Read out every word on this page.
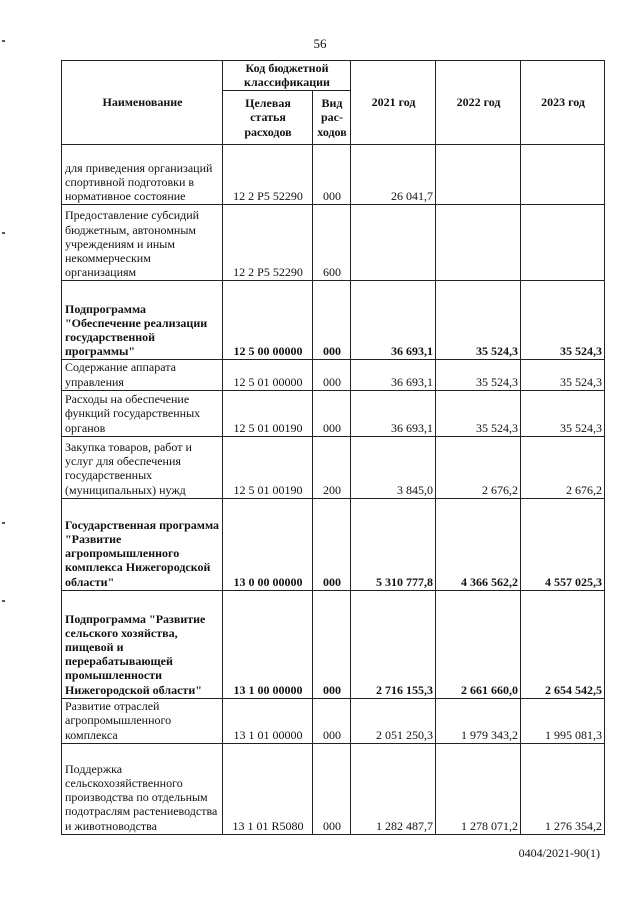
56
Наименование	Код бюджетной классификации		2021 год	2022 год	2023 год
	Целевая статья расходов	Вид рас- ходов			
для приведения организаций спортивной подготовки в нормативное состояние	12 2 P5 52290	000	26 041,7		
Предоставление субсидий бюджетным, автономным учреждениям и иным некоммерческим организациям	12 2 P5 52290	600			
Подпрограмма "Обеспечение реализации государственной программы"	12 5 00 00000	000	36 693,1	35 524,3	35 524,3
Содержание аппарата управления	12 5 01 00000	000	36 693,1	35 524,3	35 524,3
Расходы на обеспечение функций государственных органов	12 5 01 00190	000	36 693,1	35 524,3	35 524,3
Закупка товаров, работ и услуг для обеспечения государственных (муниципальных) нужд	12 5 01 00190	200	3 845,0	2 676,2	2 676,2
Государственная программа "Развитие агропромышленного комплекса Нижегородской области"	13 0 00 00000	000	5 310 777,8	4 366 562,2	4 557 025,3
Подпрограмма "Развитие сельского хозяйства, пищевой и перерабатывающей промышленности Нижегородской области"	13 1 00 00000	000	2 716 155,3	2 661 660,0	2 654 542,5
Развитие отраслей агропромышленного комплекса	13 1 01 00000	000	2 051 250,3	1 979 343,2	1 995 081,3
Поддержка сельскохозяйственного производства по отдельным подотраслям растениеводства и животноводства	13 1 01 R5080	000	1 282 487,7	1 278 071,2	1 276 354,2
0404/2021-90(1)
